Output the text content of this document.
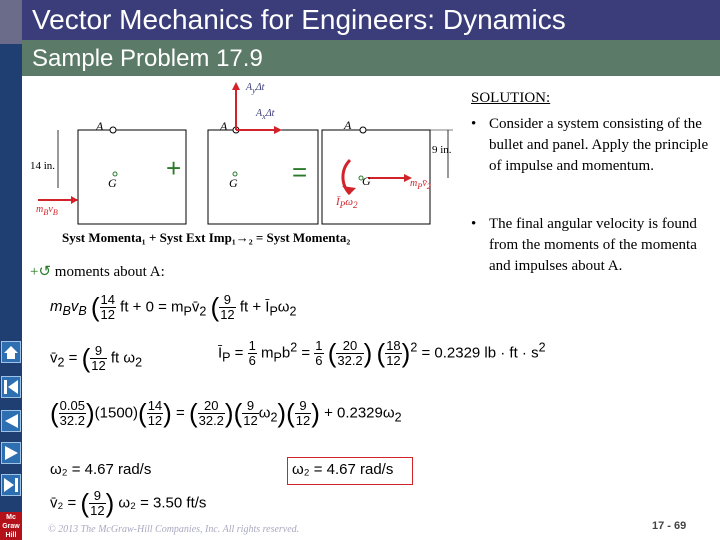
Vector Mechanics for Engineers: Dynamics
Sample Problem 17.9
Mc Graw Hill
A	A	A
G	G	G
14 in.
9 in.
+	=
$A_y\Delta t$
$A_x\Delta t$
$m_Bv_B$
$m_Pv̄_2$
$Ī_P\omega_2$
Syst Momenta₁ + Syst Ext Imp₁→₂ = Syst Momenta₂
+↺ moments about A:
SOLUTION:
• Consider a system consisting of the bullet and panel. Apply the principle of impulse and momentum.
• The final angular velocity is found from the moments of the momenta and impulses about A.
$m_Bv_B$ ( $\frac{14}{12}$ ft + $0 = m_Pv̄_2$ ( $\frac{9}{12}$ ft + $Ī_P\omega_2$
$v̄_2$ = ( $\frac{9}{12}$ ft $\omega_2$
$Ī_P = \frac{1}{6} m_Pb^2 = \frac{1}{6}$ ( $\frac{20}{32.2}$ ) ( $\frac{18}{12} )^2 = 0.2329$ lb · ft · $s^2$
( $\frac{0.05}{32.2} )(1500)( \frac{14}{12}$ ) = ( $\frac{20}{32.2}$ )( $\frac{9}{12} \omega_2)( \frac{9}{12}$ ) + $0.2329\omega_2$
ω₂ = 4.67 rad/s	ω₂ = 4.67 rad/s
v̄₂ = ( $\frac{9}{12}$ ) ω₂ = 3.50 ft/s
© 2013 The McGraw-Hill Companies, Inc. All rights reserved.	17 - 69
